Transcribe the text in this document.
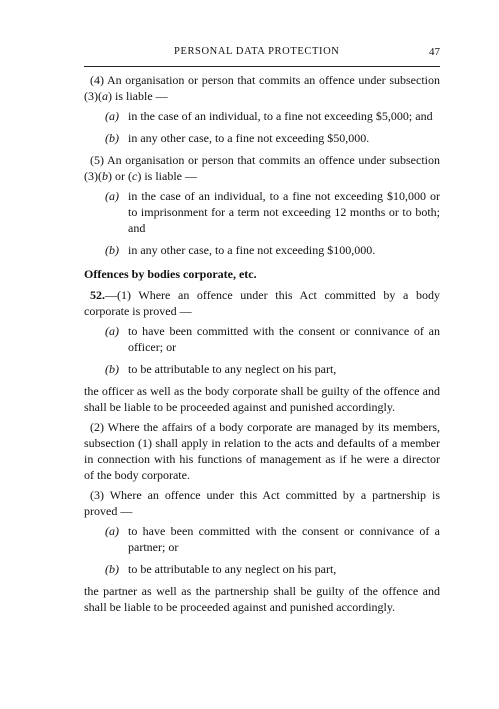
PERSONAL DATA PROTECTION	47

(4) An organisation or person that commits an offence under subsection (3)(a) is liable —

(a) in the case of an individual, to a fine not exceeding $5,000; and
(b) in any other case, to a fine not exceeding $50,000.

(5) An organisation or person that commits an offence under subsection (3)(b) or (c) is liable —

(a) in the case of an individual, to a fine not exceeding $10,000 or to imprisonment for a term not exceeding 12 months or to both; and
(b) in any other case, to a fine not exceeding $100,000.

Offences by bodies corporate, etc.

52.—(1) Where an offence under this Act committed by a body corporate is proved —

(a) to have been committed with the consent or connivance of an officer; or
(b) to be attributable to any neglect on his part,

the officer as well as the body corporate shall be guilty of the offence and shall be liable to be proceeded against and punished accordingly.

(2) Where the affairs of a body corporate are managed by its members, subsection (1) shall apply in relation to the acts and defaults of a member in connection with his functions of management as if he were a director of the body corporate.

(3) Where an offence under this Act committed by a partnership is proved —

(a) to have been committed with the consent or connivance of a partner; or
(b) to be attributable to any neglect on his part,

the partner as well as the partnership shall be guilty of the offence and shall be liable to be proceeded against and punished accordingly.
